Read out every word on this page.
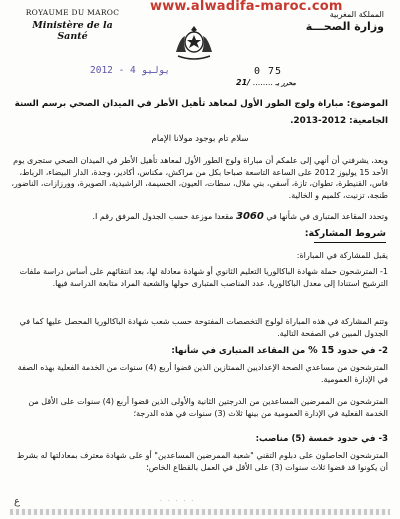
www.alwadifa-maroc.com
ROYAUME DU MAROC
Ministère de la Santé
المملكة المغربية
وزارة الصحـــة
2012 - 4 يوليو	0 75
21/ ........ محرر بـ
الموضوع: مباراة ولوج الطور الأول لمعاهد تأهيل الأطر في الميدان الصحي برسم السنة الجامعية: 2012-2013.
سلام تام بوجود مولانا الإمام
وبعد، يشرفني أن أنهي إلى علمكم أن مباراة ولوج الطور الأول لمعاهد تأهيل الأطر في الميدان الصحي ستجرى يوم الأحد 15 يوليوز 2012 على الساعة التاسعة صباحا بكل من مراكش، مكناس، أكادير، وجدة، الدار البيضاء، الرباط، فاس، القنيطرة، تطوان، تازة، آسفي، بني ملال، سطات، العيون، الحسيمة، الراشيدية، الصويرة، وورزازات، الناضور، طنجة، تزنيت، كلميم و الخالية.
وتحدد المقاعد المتبارى في شأنها في 3060 مقعدا موزعة حسب الجدول المرفق رقم I.
شروط المشاركة:
يقبل للمشاركة في المباراة:
1- المترشحون حملة شهادة الباكالوريا التعليم الثانوي أو شهادة معادلة لها، بعد انتقائهم على أساس دراسة ملفات الترشيح استنادا إلى معدل الباكالوريا، عدد المناصب المتبارى حولها والشعبة المراد متابعة الدراسة فيها.
وتتم المشاركة في هذه المباراة لولوج التخصصات المفتوحة حسب شعب شهادة الباكالوريا المحصل عليها كما في الجدول المبين في الصفحة التالية.
2- في حدود 15 % من المقاعد المتبارى في شأنها:
المترشحون من مساعدي الصحة الإعداديين الممتازين الذين قضوا أربع (4) سنوات من الخدمة الفعلية بهذه الصفة في الإدارة العمومية.
المترشحون من الممرضين المساعدين من الدرجتين الثانية والأولى الذين قضوا أربع (4) سنوات على الأقل من الخدمة الفعلية في الإدارة العمومية من بينها ثلاث (3) سنوات في هذه الدرجة؛
3- في حدود خمسة (5) مناصب:
المترشحون الحاصلون على دبلوم التقني "شعبة الممرضين المساعدين" أو على شهادة معترف بمعادلتها له بشرط أن يكونوا قد قضوا ثلاث سنوات (3) على الأقل في العمل بالقطاع الخاص؛
ع	· · · · ·
